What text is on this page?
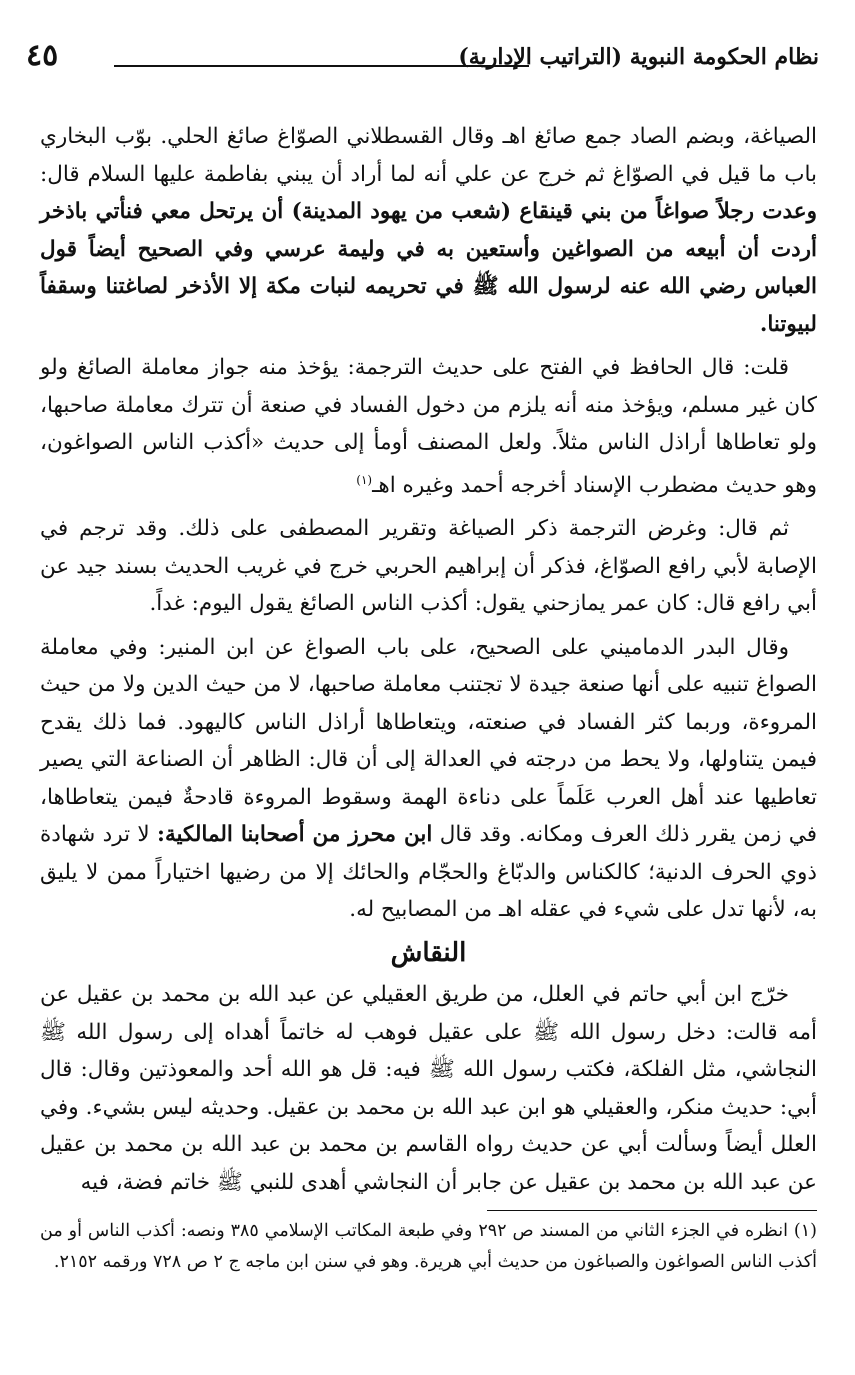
نظام الحكومة النبوية (التراتيب الإدارية)
٤٥

الصياغة، وبضم الصاد جمع صائغ اهـ وقال القسطلاني الصوّاغ صائغ الحلي. بوّب البخاري باب ما قيل في الصوّاغ ثم خرج عن علي أنه لما أراد أن يبني بفاطمة عليها السلام قال: وعدت رجلاً صواغاً من بني قينقاع (شعب من يهود المدينة) أن يرتحل معي فنأتي باذخر أردت أن أبيعه من الصواغين وأستعين به في وليمة عرسي وفي الصحيح أيضاً قول العباس رضي الله عنه لرسول الله ﷺ في تحريمه لنبات مكة إلا الأذخر لصاغتنا وسقفاً لبيوتنا.

قلت: قال الحافظ في الفتح على حديث الترجمة: يؤخذ منه جواز معاملة الصائغ ولو كان غير مسلم، ويؤخذ منه أنه يلزم من دخول الفساد في صنعة أن تترك معاملة صاحبها، ولو تعاطاها أراذل الناس مثلاً. ولعل المصنف أومأ إلى حديث «أكذب الناس الصواغون، وهو حديث مضطرب الإسناد أخرجه أحمد وغيره اهـ$^{(١)}$

ثم قال: وغرض الترجمة ذكر الصياغة وتقرير المصطفى على ذلك. وقد ترجم في الإصابة لأبي رافع الصوّاغ، فذكر أن إبراهيم الحربي خرج في غريب الحديث بسند جيد عن أبي رافع قال: كان عمر يمازحني يقول: أكذب الناس الصائغ يقول اليوم: غداً.

وقال البدر الدماميني على الصحيح، على باب الصواغ عن ابن المنير: وفي معاملة الصواغ تنبيه على أنها صنعة جيدة لا تجتنب معاملة صاحبها، لا من حيث الدين ولا من حيث المروءة، وربما كثر الفساد في صنعته، ويتعاطاها أراذل الناس كاليهود. فما ذلك يقدح فيمن يتناولها، ولا يحط من درجته في العدالة إلى أن قال: الظاهر أن الصناعة التي يصير تعاطيها عند أهل العرب عَلَماً على دناءة الهمة وسقوط المروءة قادحةٌ فيمن يتعاطاها، في زمن يقرر ذلك العرف ومكانه. وقد قال ابن محرز من أصحابنا المالكية: لا ترد شهادة ذوي الحرف الدنية؛ كالكناس والدبّاغ والحجّام والحائك إلا من رضيها اختياراً ممن لا يليق به، لأنها تدل على شيء في عقله اهـ من المصابيح له.

النقاش

خرّج ابن أبي حاتم في العلل، من طريق العقيلي عن عبد الله بن محمد بن عقيل عن أمه قالت: دخل رسول الله ﷺ على عقيل فوهب له خاتماً أهداه إلى رسول الله ﷺ النجاشي، مثل الفلكة، فكتب رسول الله ﷺ فيه: قل هو الله أحد والمعوذتين وقال: قال أبي: حديث منكر، والعقيلي هو ابن عبد الله بن محمد بن عقيل. وحديثه ليس بشيء. وفي العلل أيضاً وسألت أبي عن حديث رواه القاسم بن محمد بن عبد الله بن محمد بن عقيل عن عبد الله بن محمد بن عقيل عن جابر أن النجاشي أهدى للنبي ﷺ خاتم فضة، فيه

(١) انظره في الجزء الثاني من المسند ص ٢٩٢ وفي طبعة المكاتب الإسلامي ٣٨٥ ونصه: أكذب الناس أو من أكذب الناس الصواغون والصباغون من حديث أبي هريرة. وهو في سنن ابن ماجه ج ٢ ص ٧٢٨ ورقمه ٢١٥٢.
